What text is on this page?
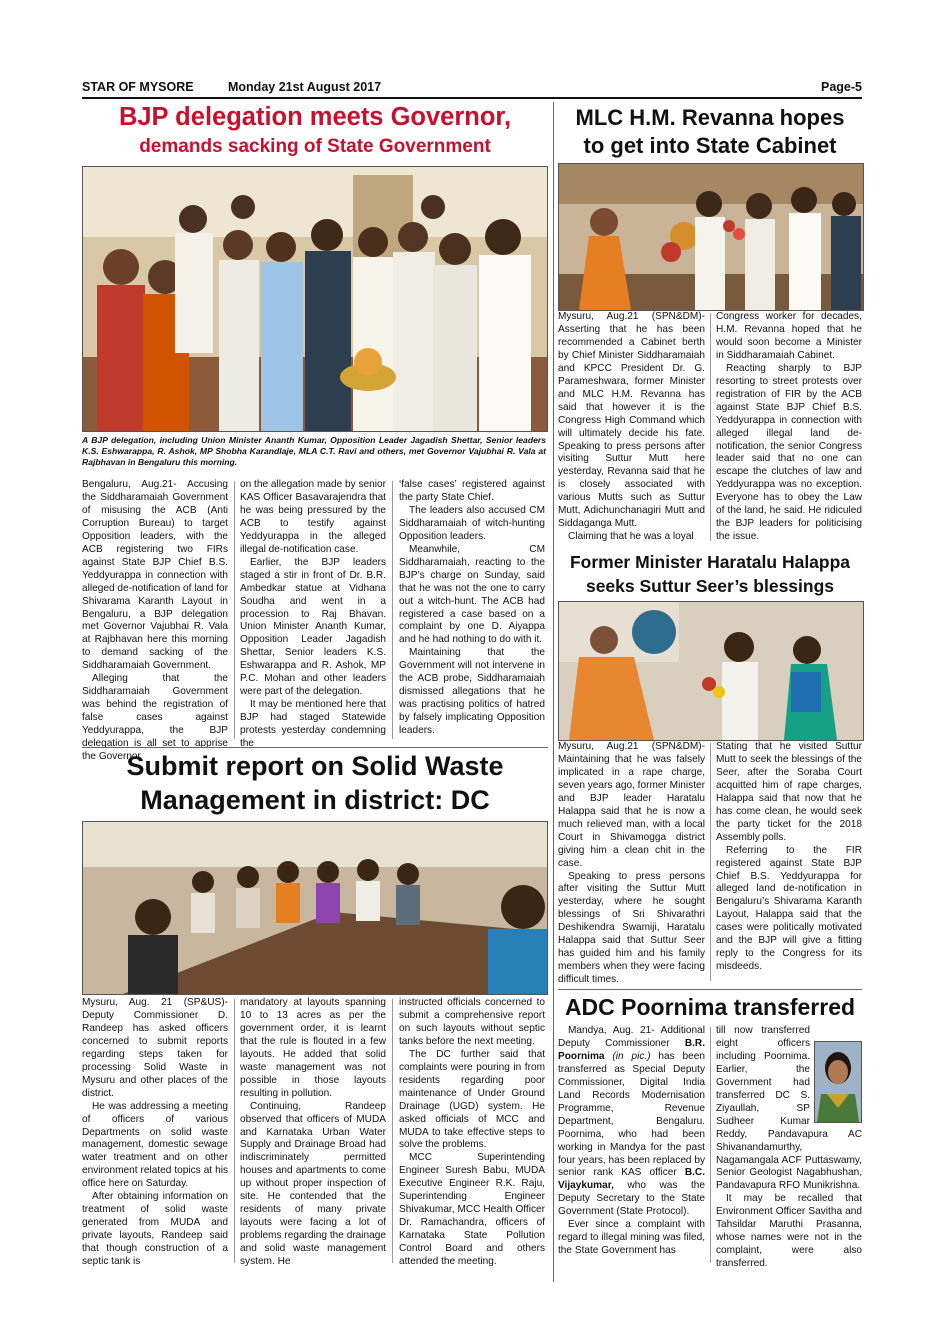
STAR OF MYSORE	Monday 21st August 2017	Page-5
BJP delegation meets Governor,
demands sacking of State Government
A BJP delegation, including Union Minister Ananth Kumar, Opposition Leader Jagadish Shettar, Senior leaders K.S. Eshwarappa, R. Ashok, MP Shobha Karandlaje, MLA C.T. Ravi and others, met Governor Vajubhai R. Vala at Rajbhavan in Bengaluru this morning.

Bengaluru, Aug.21- Accusing the Siddharamaiah Government of misusing the ACB (Anti Corruption Bureau) to target Opposition leaders, with the ACB registering two FIRs against State BJP Chief B.S. Yeddyurappa in connection with alleged de-notification of land for Shivarama Karanth Layout in Bengaluru, a BJP delegation met Governor Vajubhai R. Vala at Rajbhavan here this morning to demand sacking of the Siddharamaiah Government.

Alleging that the Siddharamaiah Government was behind the registration of false cases against Yeddyurappa, the BJP delegation is all set to apprise the Governor

on the allegation made by senior KAS Officer Basavarajendra that he was being pressured by the ACB to testify against Yeddyurappa in the alleged illegal de-notification case.

Earlier, the BJP leaders staged a stir in front of Dr. B.R. Ambedkar statue at Vidhana Soudha and went in a procession to Raj Bhavan. Union Minister Ananth Kumar, Opposition Leader Jagadish Shettar, Senior leaders K.S. Eshwarappa and R. Ashok, MP P.C. Mohan and other leaders were part of the delegation.

It may be mentioned here that BJP had staged Statewide protests yesterday condemning the

‘false cases’ registered against the party State Chief.

The leaders also accused CM Siddharamaiah of witch-hunting Opposition leaders.

Meanwhile, CM Siddharamaiah, reacting to the BJP’s charge on Sunday, said that he was not the one to carry out a witch-hunt. The ACB had registered a case based on a complaint by one D. Aiyappa and he had nothing to do with it.

Maintaining that the Government will not intervene in the ACB probe, Siddharamaiah dismissed allegations that he was practising politics of hatred by falsely implicating Opposition leaders.

MLC H.M. Revanna hopes
to get into State Cabinet

Mysuru, Aug.21 (SPN&DM)- Asserting that he has been recommended a Cabinet berth by Chief Minister Siddharamaiah and KPCC President Dr. G. Parameshwara, former Minister and MLC H.M. Revanna has said that however it is the Congress High Command which will ultimately decide his fate. Speaking to press persons after visiting Suttur Mutt here yesterday, Revanna said that he is closely associated with various Mutts such as Suttur Mutt, Adichunchanagiri Mutt and Siddaganga Mutt.

Claiming that he was a loyal

Congress worker for decades, H.M. Revanna hoped that he would soon become a Minister in Siddharamaiah Cabinet.

Reacting sharply to BJP resorting to street protests over registration of FIR by the ACB against State BJP Chief B.S. Yeddyurappa in connection with alleged illegal land de-notification, the senior Congress leader said that no one can escape the clutches of law and Yeddyurappa was no exception. Everyone has to obey the Law of the land, he said. He ridiculed the BJP leaders for politicising the issue.

Former Minister Haratalu Halappa
seeks Suttur Seer’s blessings

Mysuru, Aug.21 (SPN&DM)- Maintaining that he was falsely implicated in a rape charge, seven years ago, former Minister and BJP leader Haratalu Halappa said that he is now a much relieved man, with a local Court in Shivamogga district giving him a clean chit in the case.

Speaking to press persons after visiting the Suttur Mutt yesterday, where he sought blessings of Sri Shivarathri Deshikendra Swamiji, Haratalu Halappa said that Suttur Seer has guided him and his family members when they were facing difficult times.

Stating that he visited Suttur Mutt to seek the blessings of the Seer, after the Soraba Court acquitted him of rape charges, Halappa said that now that he has come clean, he would seek the party ticket for the 2018 Assembly polls.

Referring to the FIR registered against State BJP Chief B.S. Yeddyurappa for alleged land de-notification in Bengaluru’s Shivarama Karanth Layout, Halappa said that the cases were politically motivated and the BJP will give a fitting reply to the Congress for its misdeeds.

Submit report on Solid Waste
Management in district: DC

Mysuru, Aug. 21 (SP&US)- Deputy Commissioner D. Randeep has asked officers concerned to submit reports regarding steps taken for processing Solid Waste in Mysuru and other places of the district.

He was addressing a meeting of officers of various Departments on solid waste management, domestic sewage water treatment and on other environment related topics at his office here on Saturday.

After obtaining information on treatment of solid waste generated from MUDA and private layouts, Randeep said that though construction of a septic tank is

mandatory at layouts spanning 10 to 13 acres as per the government order, it is learnt that the rule is flouted in a few layouts. He added that solid waste management was not possible in those layouts resulting in pollution.

Continuing, Randeep observed that officers of MUDA and Karnataka Urban Water Supply and Drainage Broad had indiscriminately permitted houses and apartments to come up without proper inspection of site. He contended that the residents of many private layouts were facing a lot of problems regarding the drainage and solid waste management system. He

instructed officials concerned to submit a comprehensive report on such layouts without septic tanks before the next meeting.

The DC further said that complaints were pouring in from residents regarding poor maintenance of Under Ground Drainage (UGD) system. He asked officials of MCC and MUDA to take effective steps to solve the problems.

MCC Superintending Engineer Suresh Babu, MUDA Executive Engineer R.K. Raju, Superintending Engineer Shivakumar, MCC Health Officer Dr. Ramachandra, officers of Karnataka State Pollution Control Board and others attended the meeting.

ADC Poornima transferred

Mandya, Aug. 21- Additional Deputy Commissioner B.R. Poornima (in pic.) has been transferred as Special Deputy Commissioner, Digital India Land Records Modernisation Programme, Revenue Department, Bengaluru. Poornima, who had been working in Mandya for the past four years, has been replaced by senior rank KAS officer B.C. Vijaykumar, who was the Deputy Secretary to the State Government (State Protocol).

Ever since a complaint with regard to illegal mining was filed, the State Government has

till now transferred eight officers including Poornima. Earlier, the Government had transferred DC S. Ziyaullah, SP Sudheer Kumar Reddy, Pandavapura AC Shivanandamurthy, Nagamangala ACF Puttaswamy, Senior Geologist Nagabhushan, Pandavapura RFO Munikrishna.

It may be recalled that Environment Officer Savitha and Tahsildar Maruthi Prasanna, whose names were not in the complaint, were also transferred.
